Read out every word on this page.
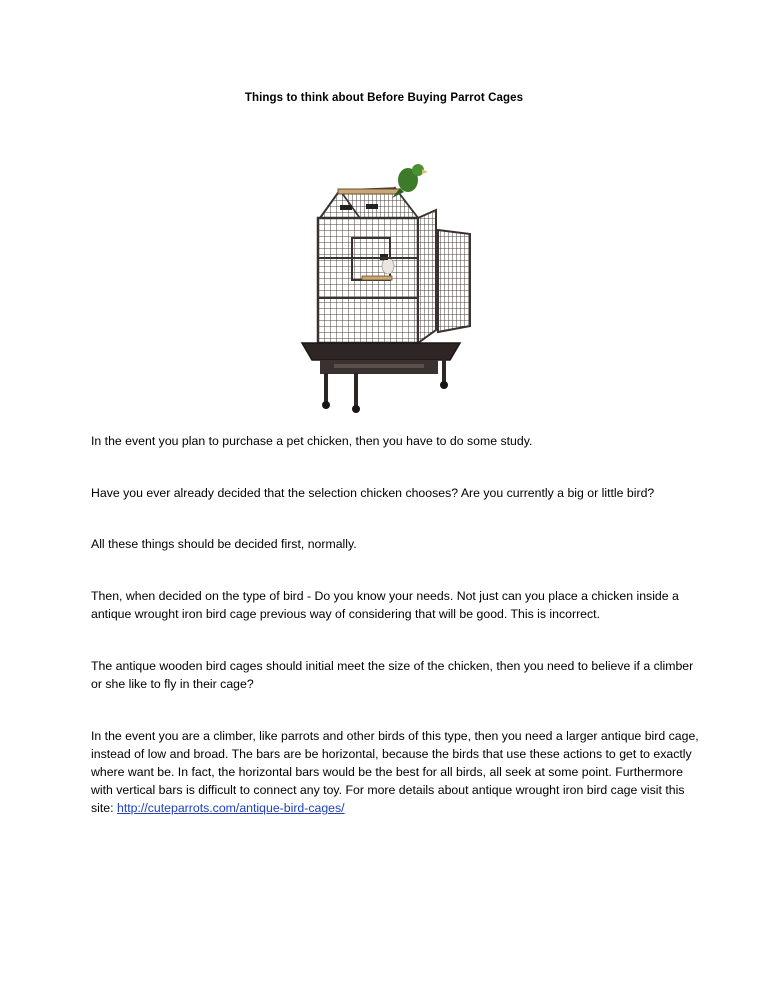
Things to think about Before Buying Parrot Cages

In the event you plan to purchase a pet chicken, then you have to do some study.

Have you ever already decided that the selection chicken chooses? Are you currently a big or little bird?

All these things should be decided first, normally.

Then, when decided on the type of bird - Do you know your needs. Not just can you place a chicken inside a antique wrought iron bird cage previous way of considering that will be good. This is incorrect.

The antique wooden bird cages should initial meet the size of the chicken, then you need to believe if a climber or she like to fly in their cage?

In the event you are a climber, like parrots and other birds of this type, then you need a larger antique bird cage, instead of low and broad. The bars are be horizontal, because the birds that use these actions to get to exactly where want be. In fact, the horizontal bars would be the best for all birds, all seek at some point. Furthermore with vertical bars is difficult to connect any toy. For more details about antique wrought iron bird cage visit this site: http://cuteparrots.com/antique-bird-cages/
